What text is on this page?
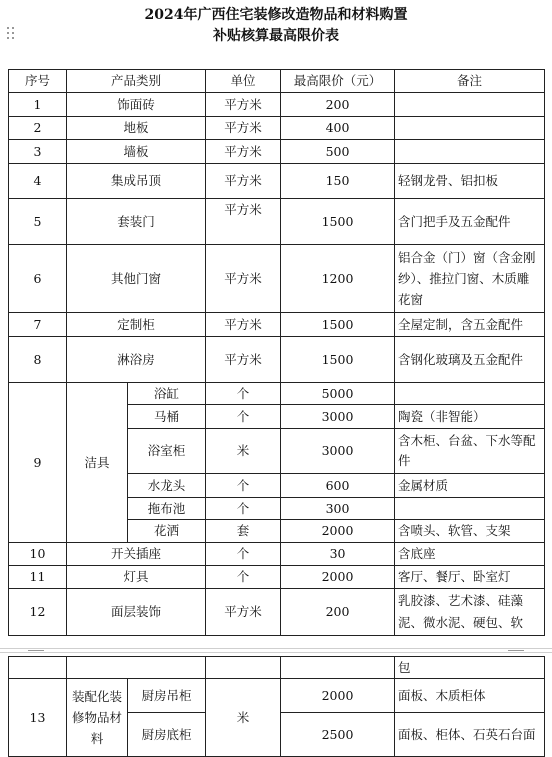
2024年广西住宅装修改造物品和材料购置
补贴核算最高限价表
序号	产品类别		单位	最高限价（元）	备注
1	饰面砖		平方米	200	
2	地板		平方米	400	
3	墙板		平方米	500	
4	集成吊顶		平方米	150	轻钢龙骨、铝扣板
5	套装门		平方米	1500	含门把手及五金配件
6	其他门窗		平方米	1200	铝合金（门）窗（含金刚纱）、推拉门窗、木质雕花窗
7	定制柜		平方米	1500	全屋定制，含五金配件
8	淋浴房		平方米	1500	含钢化玻璃及五金配件
9	洁具	浴缸	个	5000	
		马桶	个	3000	陶瓷（非智能）
		浴室柜	米	3000	含木柜、台盆、下水等配件
		水龙头	个	600	金属材质
		拖布池	个	300	
		花洒	套	2000	含喷头、软管、支架
10	开关插座		个	30	含底座
11	灯具		个	2000	客厅、餐厅、卧室灯
12	面层装饰		平方米	200	乳胶漆、艺术漆、硅藻泥、微水泥、硬包、软
					包
13	装配化装修物品材料	厨房吊柜	米	2000	面板、木质柜体
		厨房底柜		2500	面板、柜体、石英石台面
